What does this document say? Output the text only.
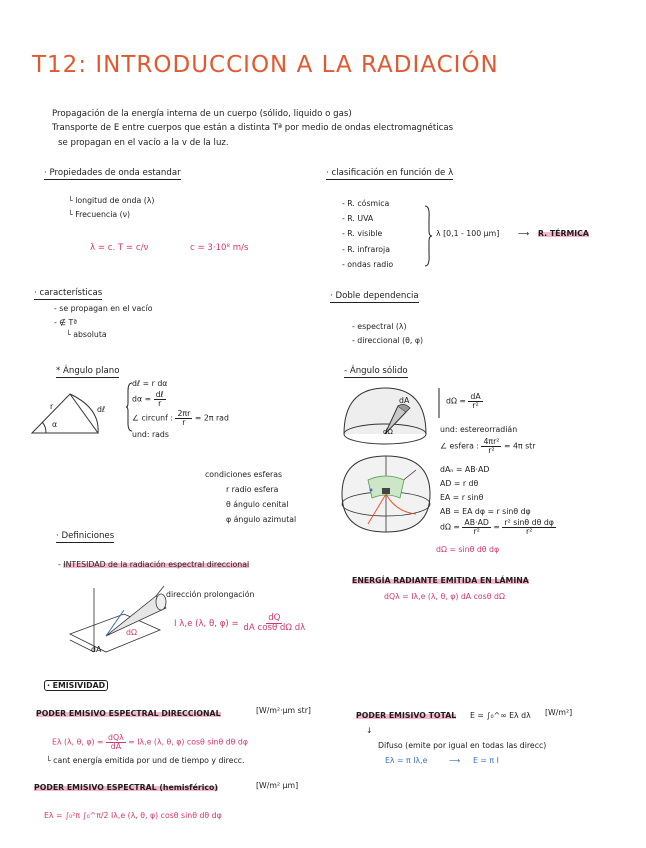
T12: INTRODUCCION A LA RADIACIÓN
Propagación de la energía interna de un cuerpo (sólido, liquido o gas)
Transporte de E entre cuerpos que están a distinta Tª por medio de ondas electromagnéticas
se propagan en el vacío a la v de la luz.
· Propiedades de onda estandar
└ longitud de onda (λ)
└ Frecuencia (ν)
λ = c. T = c/ν	c = 3·10⁸ m/s
· clasificación en función de λ
- R. cósmica
- R. UVA
- R. visible
- R. infraroja
- ondas radio
λ [0,1 - 100 μm] ⟶ R. TÉRMICA
· características
- se propagan en el vacío
- ∉ Tª
└ absoluta
· Doble dependencia
- espectral (λ)
- direccional (θ, φ)
* Ángulo plano
r
α
dℓ
dℓ = r dα
$d\alpha = \frac{\text{dℓ}}{r}$
∠ circunf : $\frac{2\pi r}{r} = 2\pi$ rad
und: rads
- Ángulo sólido
dA
dΩ
$d\Omega = \frac{dA}{\text{r²}}$
und: estereorradián
∠ esfera : $\frac{\text{4πr²}}{\text{r²}} = 4\pi$ str
dAₙ = AB·AD
AD = r dθ
EA = r sinθ
AB = EA dφ = r sinθ dφ
$d\Omega = \frac{AB\cdot AD}{\text{r²}} = \frac{\text{r² sinθ dθ dφ}}{\text{r²}}$
dΩ = sinθ dθ dφ
condiciones esferas
r radio esfera
θ ángulo cenital
φ ángulo azimutal
· Definiciones
- INTESIDAD de la radiación espectral direccional
dirección prolongación
dΩ
dA
I λ,e (λ, θ, $\varphi) = \frac{dQ}{\text{dA cosθ dΩ dλ}}$
ENERGÍA RADIANTE EMITIDA EN LÁMINA
dQλ = Iλ,e (λ, θ, φ) dA cosθ dΩ
· EMISIVIDAD
PODER EMISIVO ESPECTRAL DIRECCIONAL	[W/m²·μm str]
Eλ (λ, θ, $\varphi) = \frac{\text{dQλ}}{dA} = I\lambda,e$ (λ, θ, φ) cosθ sinθ dθ dφ
└ cant energía emitida por und de tiempo y direcc.
PODER EMISIVO ESPECTRAL (hemisférico)	[W/m² μm]
Eλ = ∫₀²π ∫₀^π/2 Iλ,e (λ, θ, φ) cosθ sinθ dθ dφ
PODER EMISIVO TOTAL E = ∫₀^∞ Eλ dλ [W/m²]
↓
Difuso (emite por igual en todas las direcc)
Eλ = π Iλ,e	⟶ E = π I
